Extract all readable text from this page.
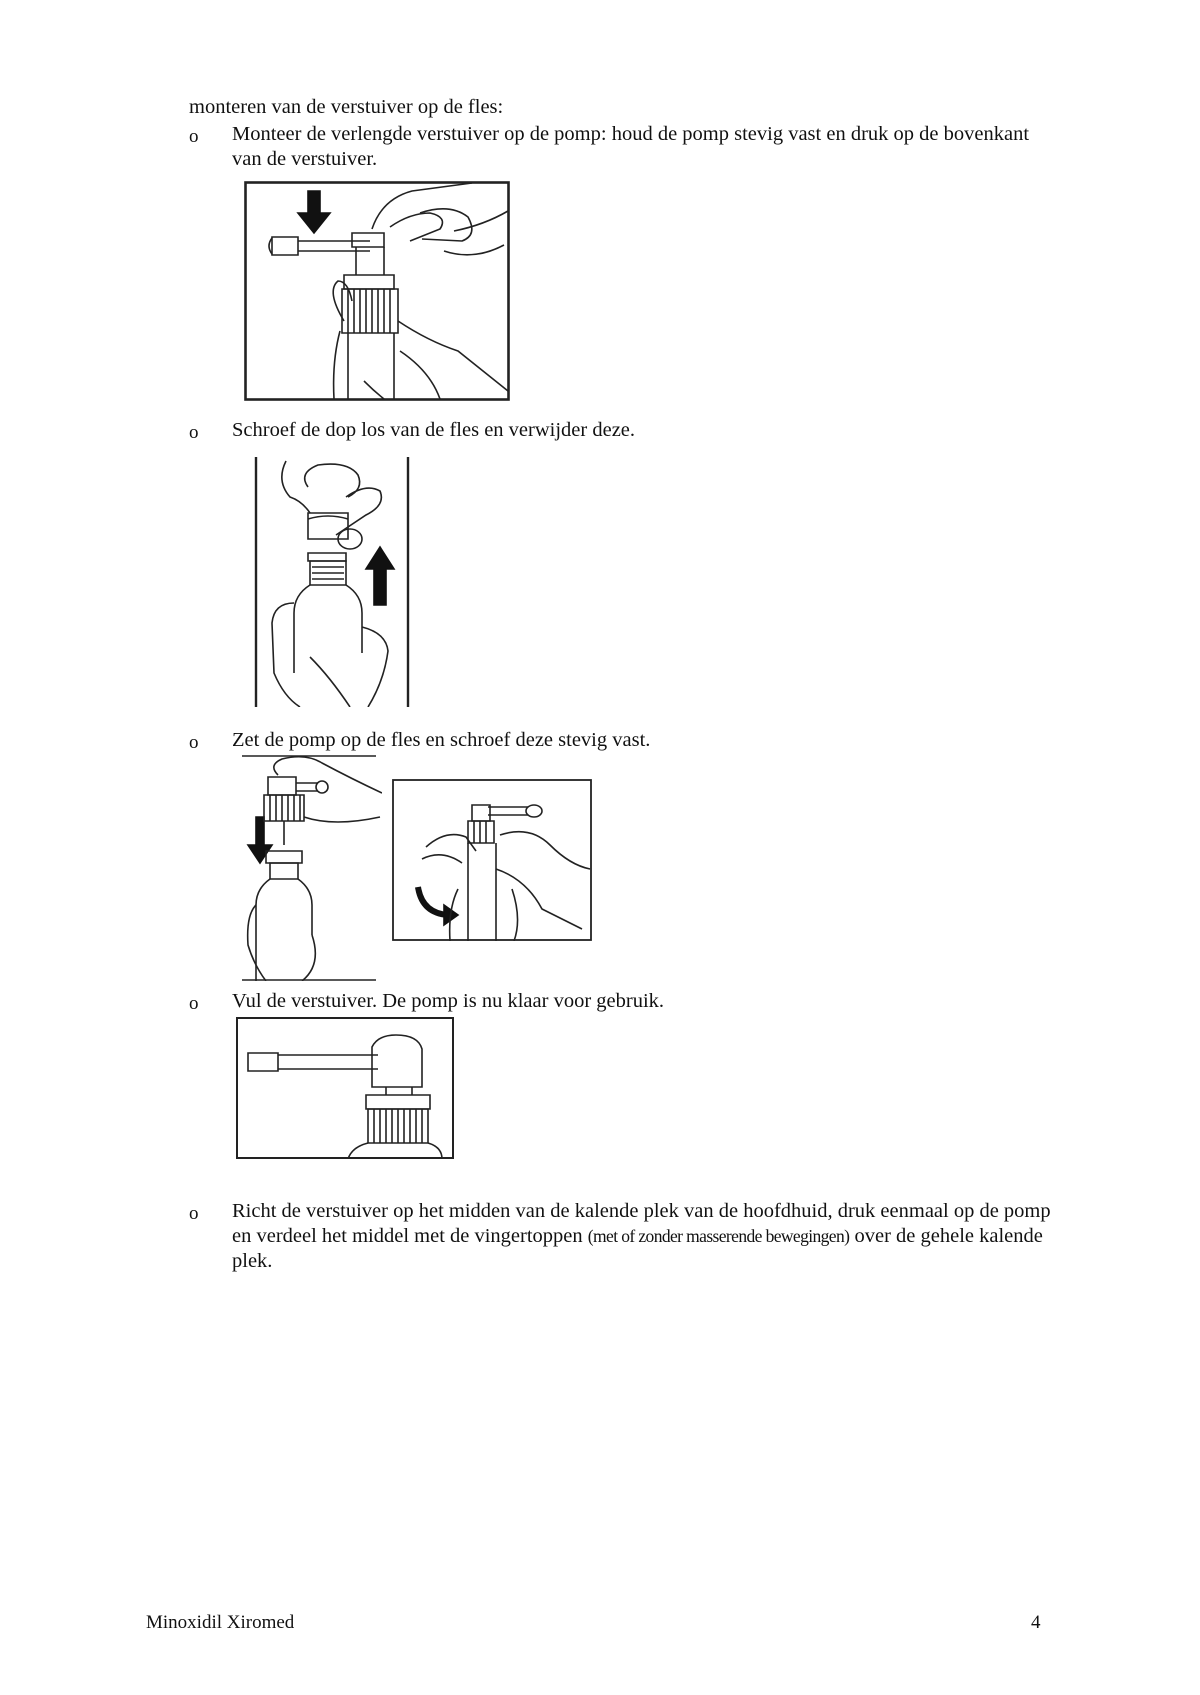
monteren van de verstuiver op de fles:
o Monteer de verlengde verstuiver op de pomp: houd de pomp stevig vast en druk op de bovenkant van de verstuiver.
o Schroef de dop los van de fles en verwijder deze.
o Zet de pomp op de fles en schroef deze stevig vast.
o Vul de verstuiver. De pomp is nu klaar voor gebruik.
o Richt de verstuiver op het midden van de kalende plek van de hoofdhuid, druk eenmaal op de pomp en verdeel het middel met de vingertoppen (met of zonder masserende bewegingen) over de gehele kalende plek.
Minoxidil Xiromed	4
